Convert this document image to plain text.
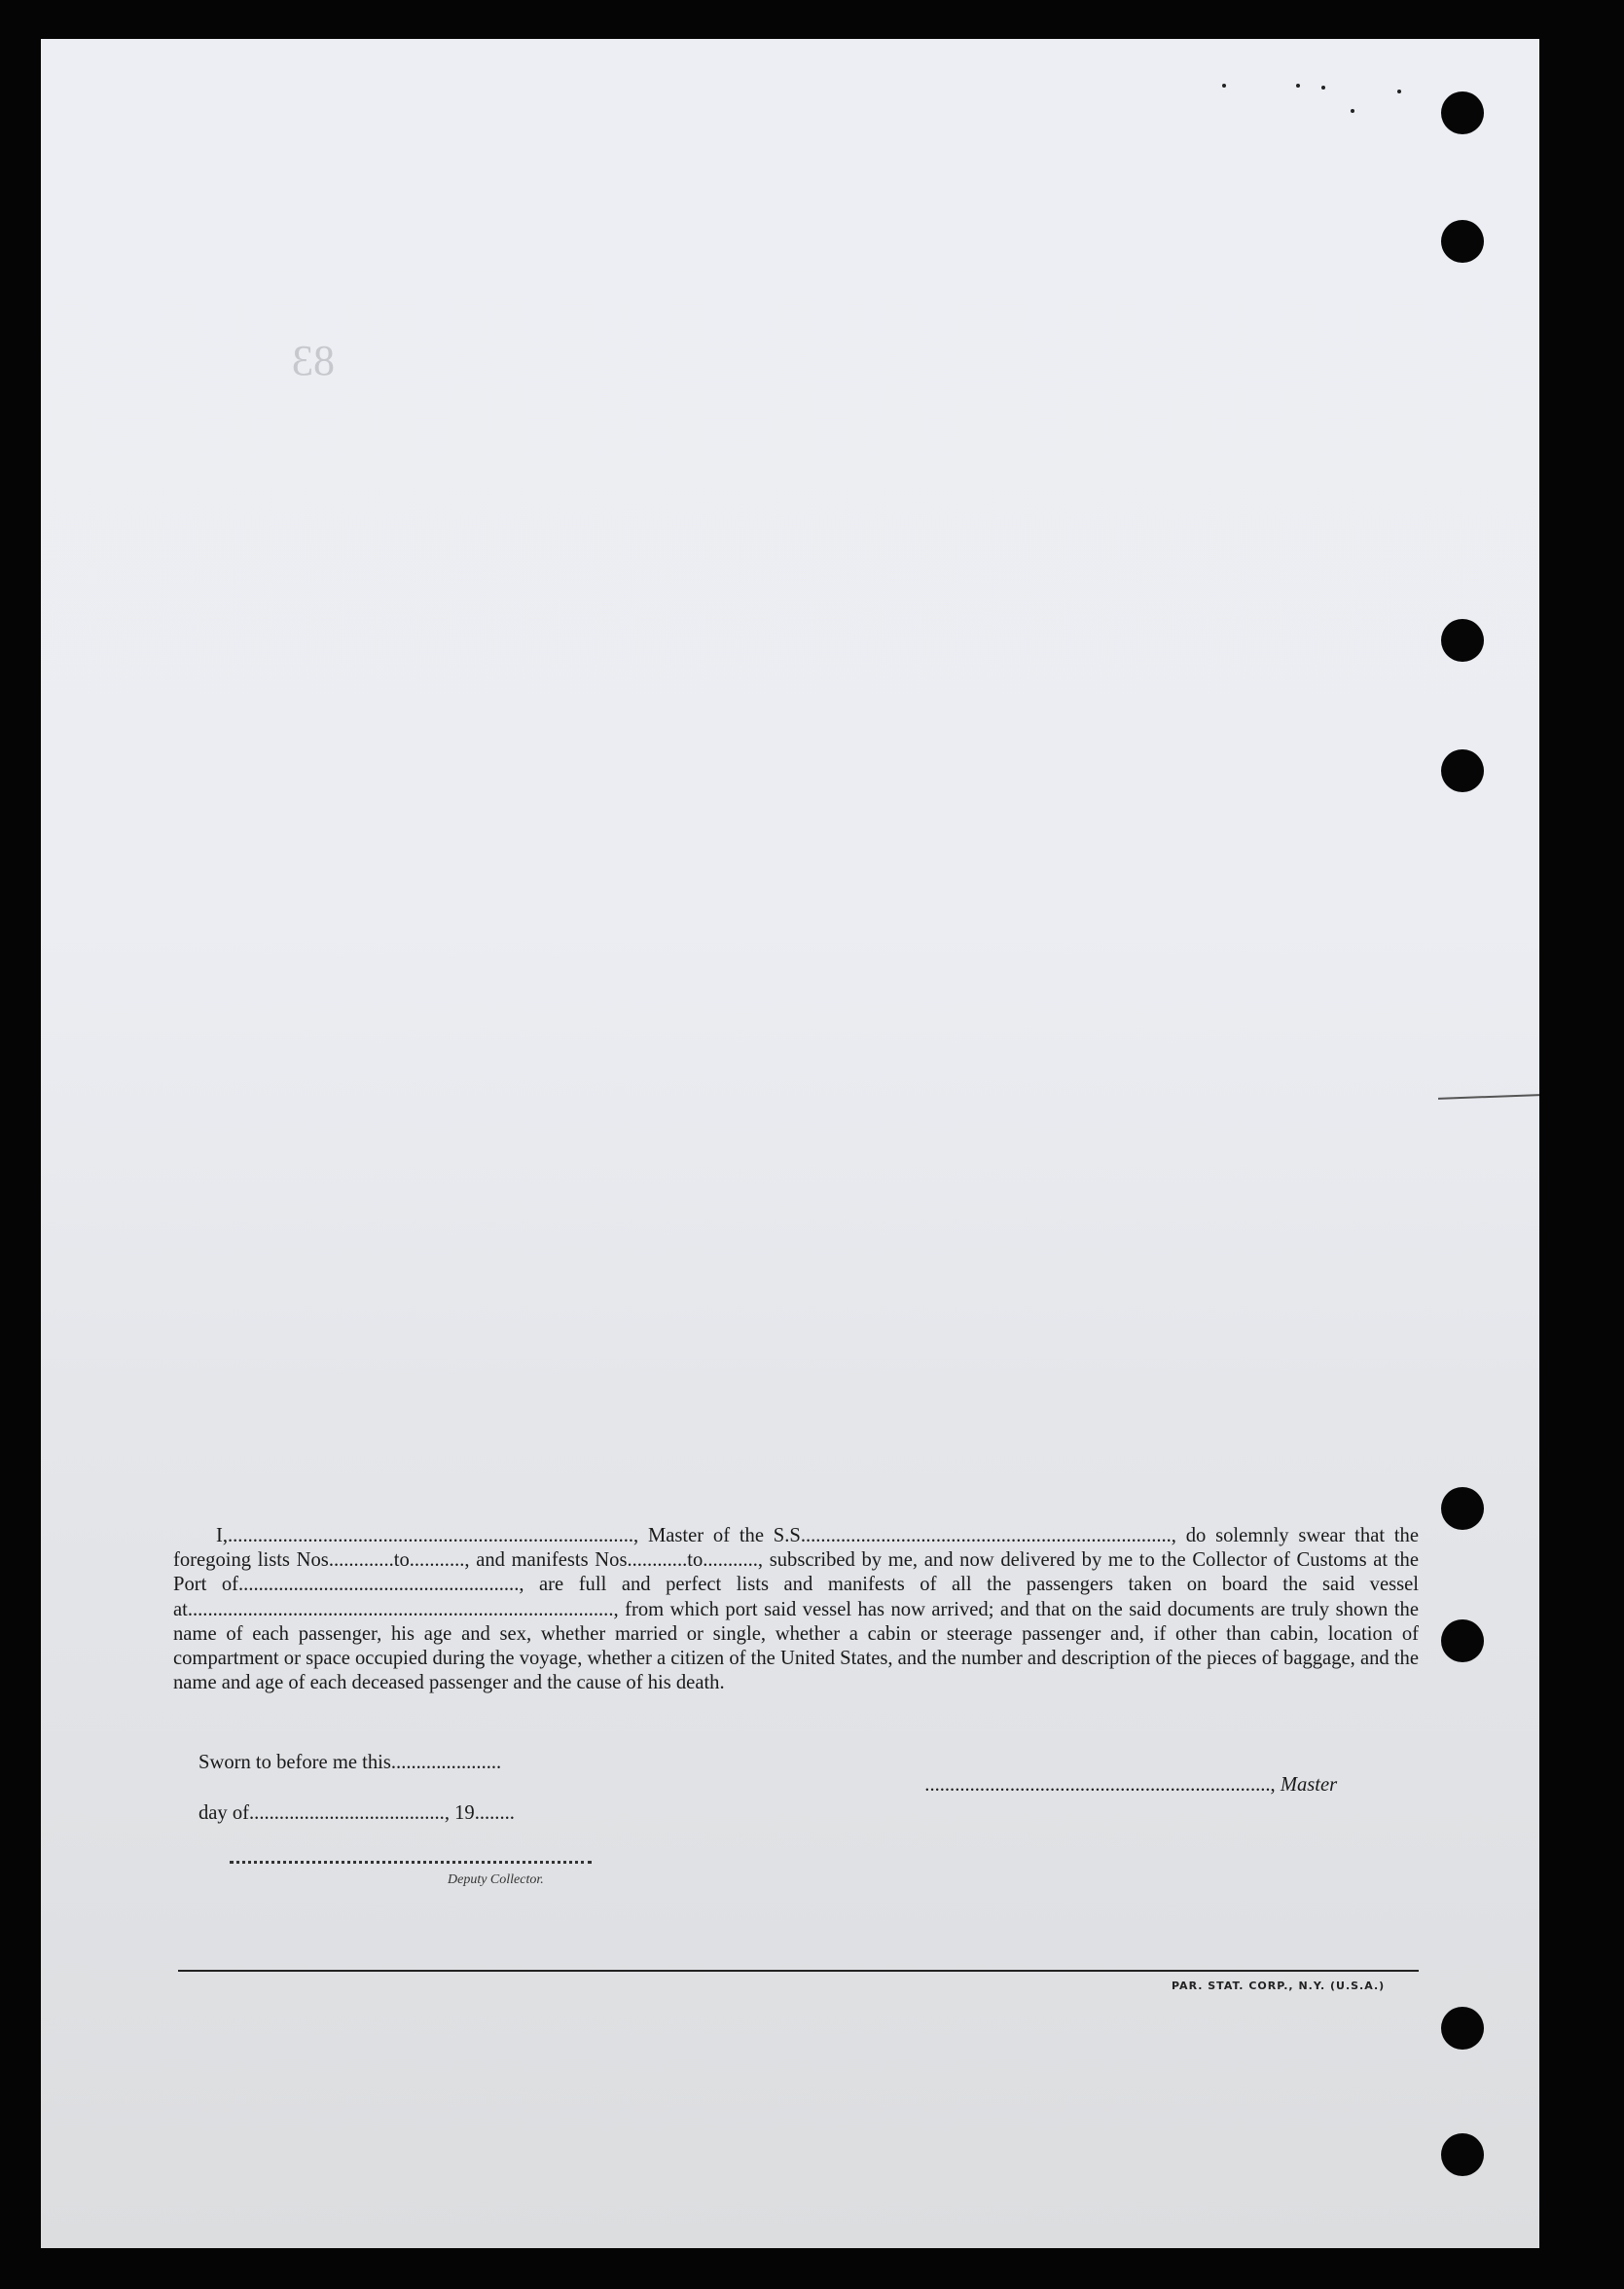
83

I,................................................................................., Master of the S.S.........................................................................., do solemnly swear that the foregoing lists Nos.............to..........., and manifests Nos............to..........., subscribed by me, and now delivered by me to the Collector of Customs at the Port of........................................................, are full and perfect lists and manifests of all the passengers taken on board the said vessel at....................................................................................., from which port said vessel has now arrived; and that on the said documents are truly shown the name of each passenger, his age and sex, whether married or single, whether a cabin or steerage passenger and, if other than cabin, location of compartment or space occupied during the voyage, whether a citizen of the United States, and the number and description of the pieces of baggage, and the name and age of each deceased passenger and the cause of his death.

Sworn to before me this......................

....................................................................., Master

day of......................................., 19........
Deputy Collector.
PAR. STAT. CORP., N.Y. (U.S.A.)
